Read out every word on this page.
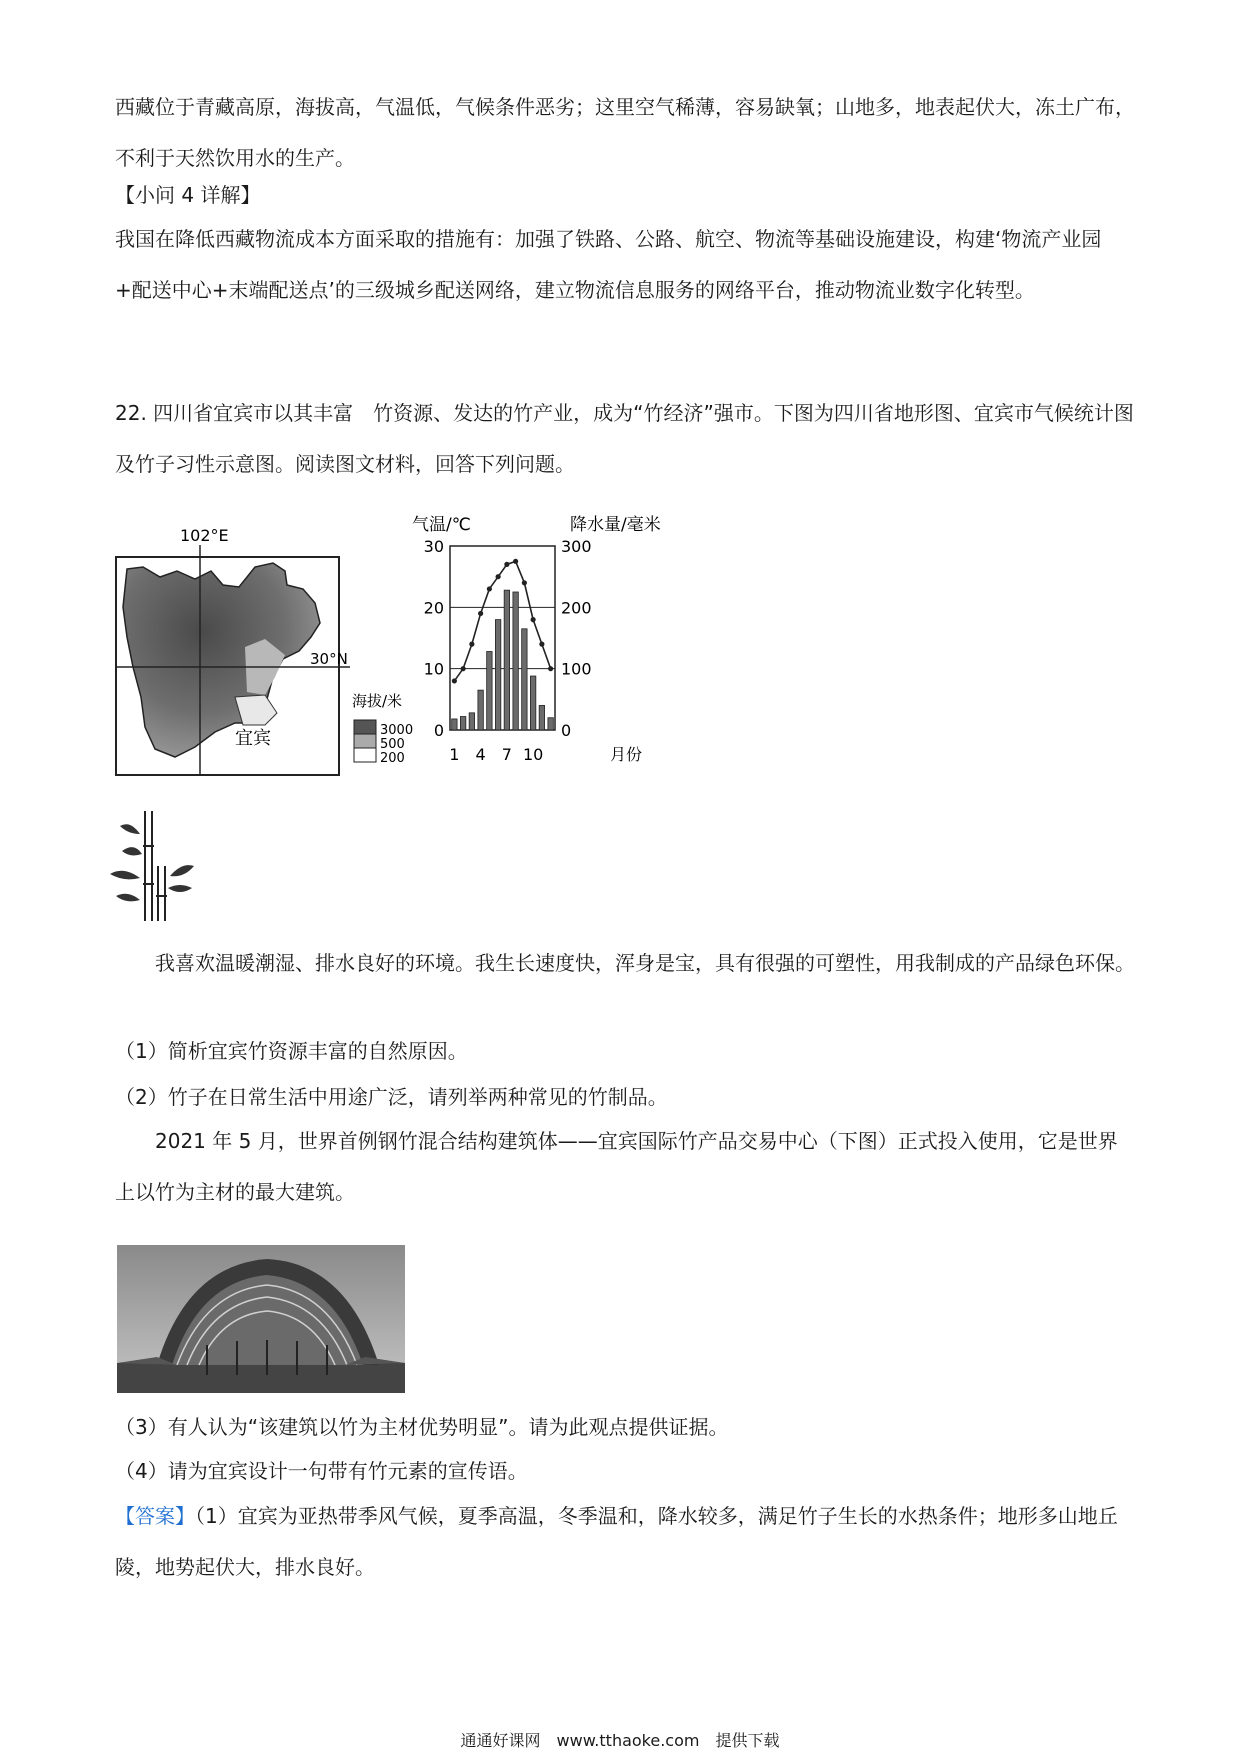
西藏位于青藏高原，海拔高，气温低，气候条件恶劣；这里空气稀薄，容易缺氧；山地多，地表起伏大，冻土广布，不利于天然饮用水的生产。

【小问 4 详解】

我国在降低西藏物流成本方面采取的措施有：加强了铁路、公路、航空、物流等基础设施建设，构建‘物流产业园+配送中心+末端配送点’的三级城乡配送网络，建立物流信息服务的网络平台，推动物流业数字化转型。

22. 四川省宜宾市以其丰富　竹资源、发达的竹产业，成为“竹经济”强市。下图为四川省地形图、宜宾市气候统计图及竹子习性示意图。阅读图文材料，回答下列问题。

102°E
30°N
宜宾
海拔/米
3000
500
200
气温/℃	降水量/毫米
0
10
20
30
0
100
200
300
1 4 7 10	月份

我喜欢温暖潮湿、排水良好的环境。我生长速度快，浑身是宝，具有很强的可塑性，用我制成的产品绿色环保。

（1）简析宜宾竹资源丰富的自然原因。

（2）竹子在日常生活中用途广泛，请列举两种常见的竹制品。

2021 年 5 月，世界首例钢竹混合结构建筑体——宜宾国际竹产品交易中心（下图）正式投入使用，它是世界上以竹为主材的最大建筑。

（3）有人认为“该建筑以竹为主材优势明显”。请为此观点提供证据。

（4）请为宜宾设计一句带有竹元素的宣传语。

【答案】（1）宜宾为亚热带季风气候，夏季高温，冬季温和，降水较多，满足竹子生长的水热条件；地形多山地丘陵，地势起伏大，排水良好。

通通好课网　www.tthaoke.com　提供下载
